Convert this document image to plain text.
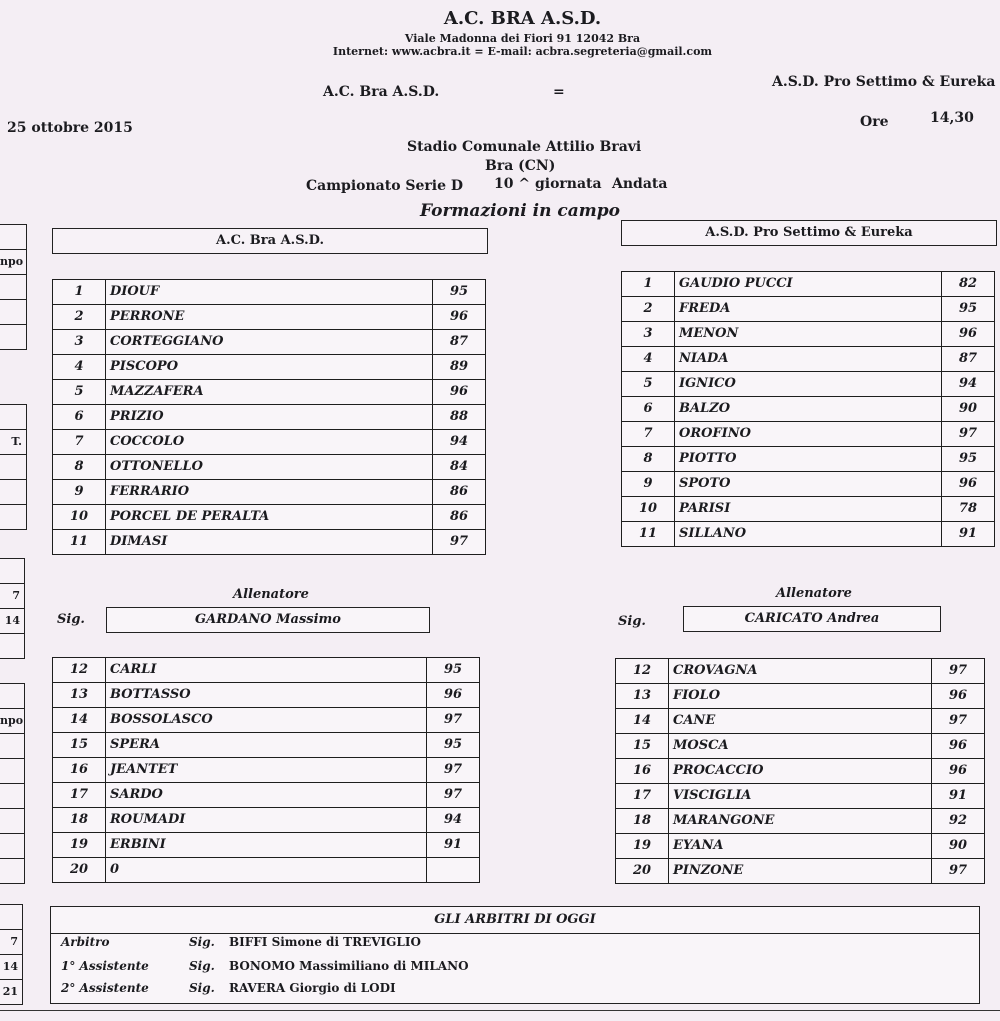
A.C. BRA A.S.D.
Viale Madonna dei Fiori 91 12042 Bra
Internet: www.acbra.it = E-mail: acbra.segreteria@gmail.com
A.C. Bra A.S.D.	=
A.S.D. Pro Settimo & Eureka
25 ottobre 2015	Ore	14,30
Stadio Comunale Attilio Bravi
Bra (CN)
Campionato Serie D 10 ^ giornata Andata
Formazioni in campo
A.C. Bra A.S.D.
A.S.D. Pro Settimo & Eureka
1	DIOUF	95
2	PERRONE	96
3	CORTEGGIANO	87
4	PISCOPO	89
5	MAZZAFERA	96
6	PRIZIO	88
7	COCCOLO	94
8	OTTONELLO	84
9	FERRARIO	86
10	PORCEL DE PERALTA	86
11	DIMASI	97
1	GAUDIO PUCCI	82
2	FREDA	95
3	MENON	96
4	NIADA	87
5	IGNICO	94
6	BALZO	90
7	OROFINO	97
8	PIOTTO	95
9	SPOTO	96
10	PARISI	78
11	SILLANO	91
Allenatore
Sig.	GARDANO Massimo
Allenatore
Sig.	CARICATO Andrea
12	CARLI	95
13	BOTTASSO	96
14	BOSSOLASCO	97
15	SPERA	95
16	JEANTET	97
17	SARDO	97
18	ROUMADI	94
19	ERBINI	91
20	0	
12	CROVAGNA	97
13	FIOLO	96
14	CANE	97
15	MOSCA	96
16	PROCACCIO	96
17	VISCIGLIA	91
18	MARANGONE	92
19	EYANA	90
20	PINZONE	97
npo
T.
7
14
npo
7
14
21
GLI ARBITRI DI OGGI
Arbitro	Sig. BIFFI Simone di TREVIGLIO
1° Assistente	Sig. BONOMO Massimiliano di MILANO
2° Assistente	Sig. RAVERA Giorgio di LODI
